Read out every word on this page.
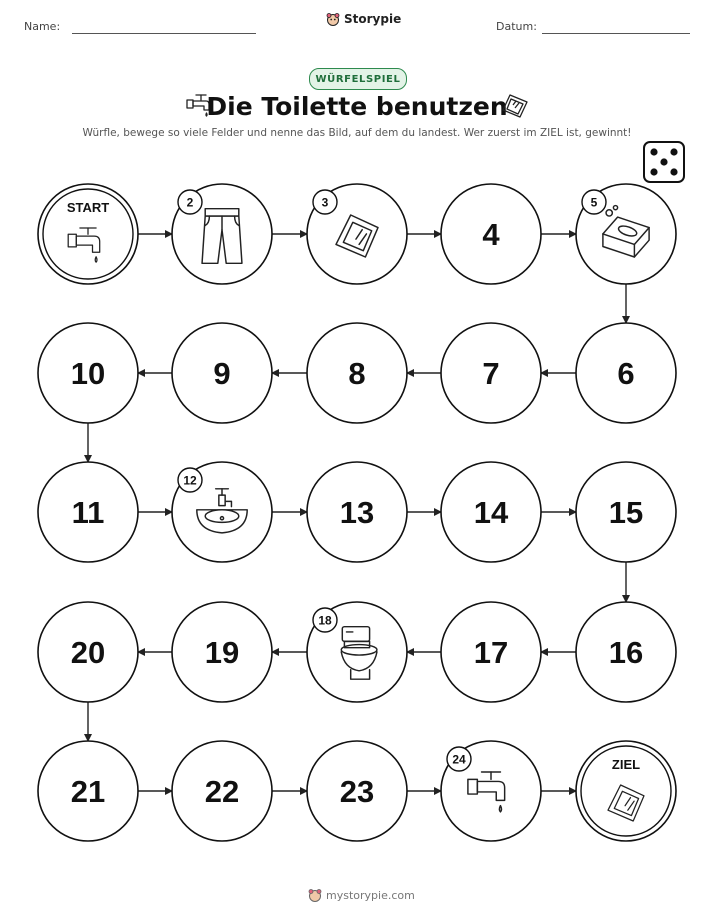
Name:
Storypie
Datum:
WÜRFELSPIEL
Die Toilette benutzen
Würfle, bewege so viele Felder und nenne das Bild, auf dem du landest. Wer zuerst im ZIEL ist, gewinnt!
START	2	3
4
5
10	9	8	7	6
11
12
13	14	15
20	19
18
17	16
21	22	23
24	ZIEL
mystorypie.com
